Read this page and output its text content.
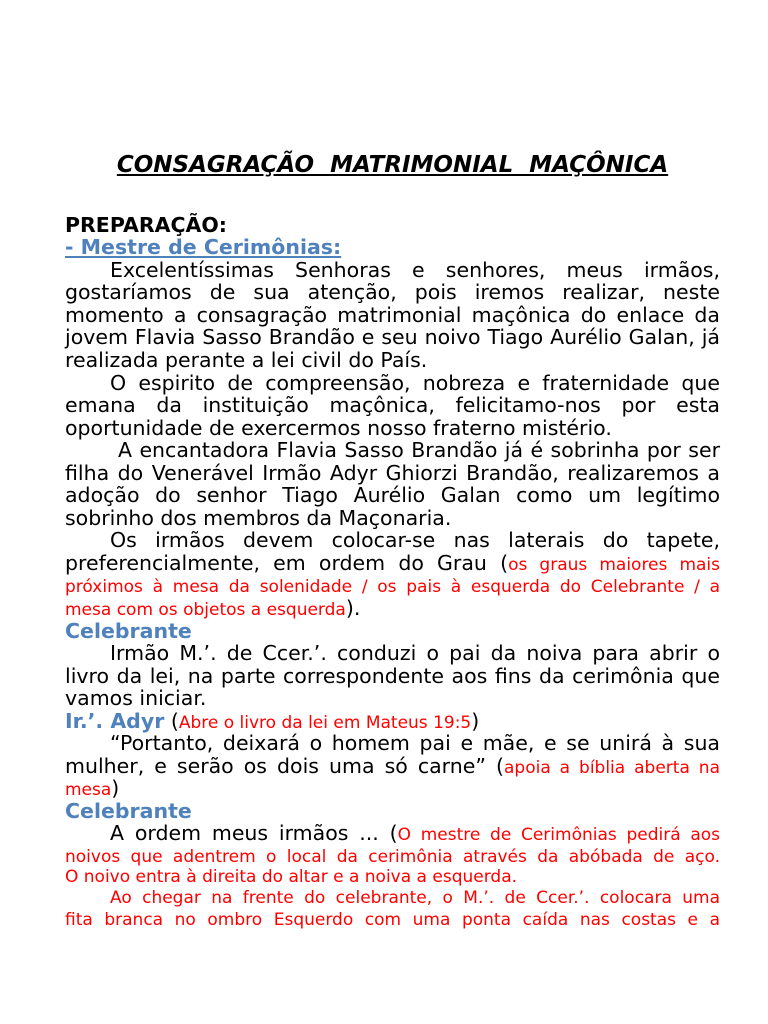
CONSAGRAÇÃO  MATRIMONIAL  MAÇÔNICA
PREPARAÇÃO:
- Mestre de Cerimônias:
Excelentíssimas Senhoras e senhores, meus irmãos,
gostaríamos de sua atenção, pois iremos realizar, neste
momento a consagração matrimonial maçônica do enlace da
jovem Flavia Sasso Brandão e seu noivo Tiago Aurélio Galan, já
realizada perante a lei civil do País.
O espirito de compreensão, nobreza e fraternidade que
emana da instituição maçônica, felicitamo-nos por esta
oportunidade de exercermos nosso fraterno mistério.
A encantadora Flavia Sasso Brandão já é sobrinha por ser
filha do Venerável Irmão Adyr Ghiorzi Brandão, realizaremos a
adoção do senhor Tiago Aurélio Galan como um legítimo
sobrinho dos membros da Maçonaria.
Os irmãos devem colocar-se nas laterais do tapete,
preferencialmente, em ordem do Grau (os graus maiores mais
próximos à mesa da solenidade / os pais à esquerda do Celebrante / a
mesa com os objetos a esquerda).
Celebrante
Irmão M.’. de Ccer.’. conduzi o pai da noiva para abrir o
livro da lei, na parte correspondente aos fins da cerimônia que
vamos iniciar.
Ir.’. Adyr (Abre o livro da lei em Mateus 19:5)
“Portanto, deixará o homem pai e mãe, e se unirá à sua
mulher, e serão os dois uma só carne” (apoia a bíblia aberta na
mesa)
Celebrante
A ordem meus irmãos ... (O mestre de Cerimônias pedirá aos
noivos que adentrem o local da cerimônia através da abóbada de aço.
O noivo entra à direita do altar e a noiva a esquerda.
Ao chegar na frente do celebrante, o M.’. de Ccer.’. colocara uma
fita branca no ombro Esquerdo com uma ponta caída nas costas e a
